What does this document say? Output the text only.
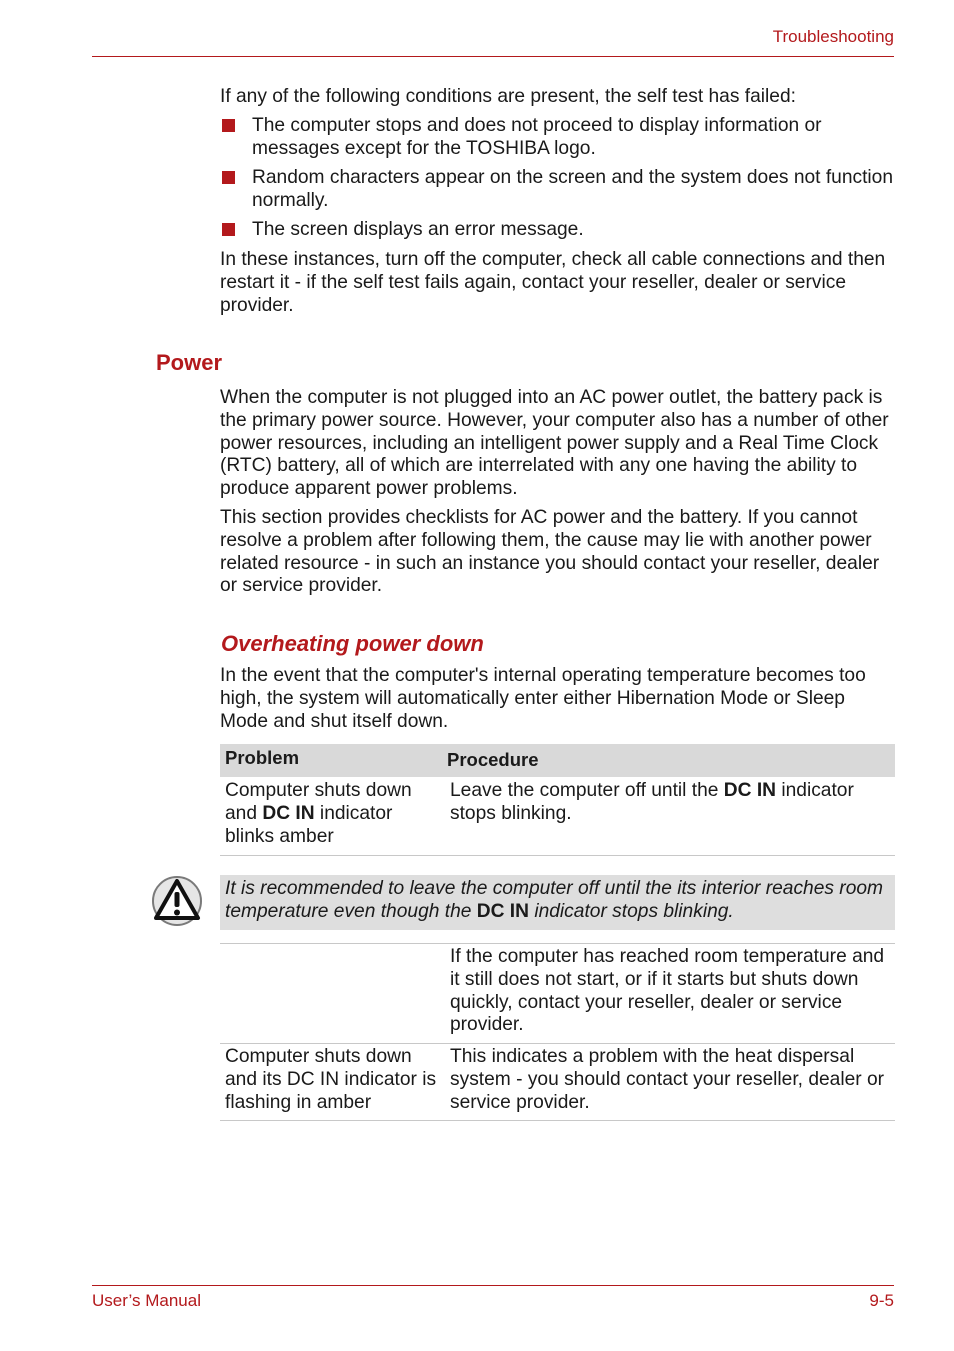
Troubleshooting
If any of the following conditions are present, the self test has failed:
The computer stops and does not proceed to display information or messages except for the TOSHIBA logo.
Random characters appear on the screen and the system does not function normally.
The screen displays an error message.
In these instances, turn off the computer, check all cable connections and then restart it - if the self test fails again, contact your reseller, dealer or service provider.
Power
When the computer is not plugged into an AC power outlet, the battery pack is the primary power source. However, your computer also has a number of other power resources, including an intelligent power supply and a Real Time Clock (RTC) battery, all of which are interrelated with any one having the ability to produce apparent power problems.
This section provides checklists for AC power and the battery. If you cannot resolve a problem after following them, the cause may lie with another power related resource - in such an instance you should contact your reseller, dealer or service provider.
Overheating power down
In the event that the computer's internal operating temperature becomes too high, the system will automatically enter either Hibernation Mode or Sleep Mode and shut itself down.
Problem	Procedure
Computer shuts down and DC IN indicator blinks amber
Leave the computer off until the DC IN indicator stops blinking.
It is recommended to leave the computer off until the its interior reaches room temperature even though the DC IN indicator stops blinking.
If the computer has reached room temperature and it still does not start, or if it starts but shuts down quickly, contact your reseller, dealer or service provider.
Computer shuts down and its DC IN indicator is flashing in amber
This indicates a problem with the heat dispersal system - you should contact your reseller, dealer or service provider.
User’s Manual	9-5
